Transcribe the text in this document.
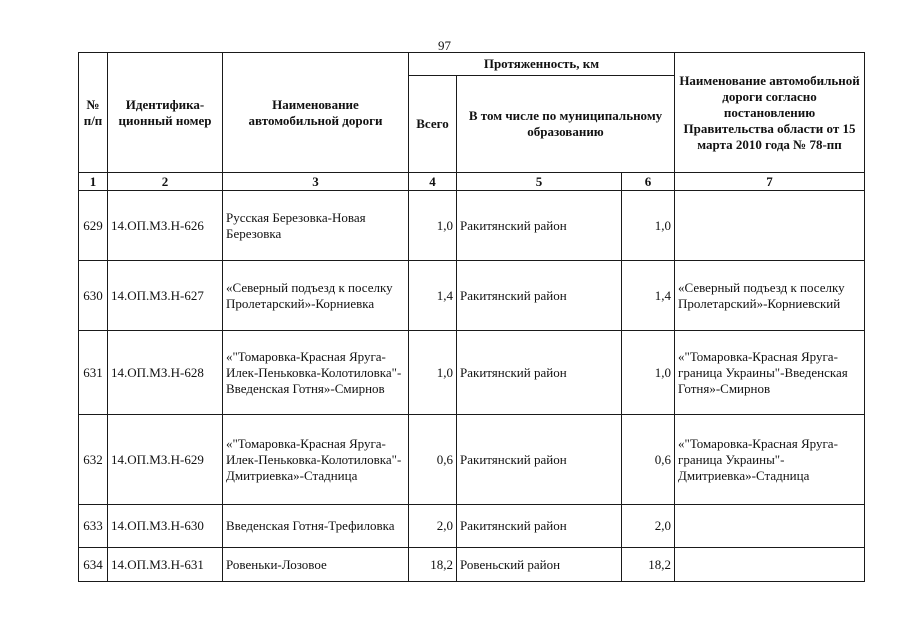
97
№ п/п	Идентифика-ционный номер	Наименование автомобильной дороги	Протяженность, км			Наименование автомобильной дороги согласно постановлению Правительства области от 15 марта 2010 года № 78-пп
			Всего	В том числе по муниципальному образованию		
1	2	3	4	5	6	7
629	14.ОП.МЗ.Н-626	Русская Березовка-Новая Березовка	1,0	Ракитянский район	1,0	
630	14.ОП.МЗ.Н-627	«Северный подъезд к поселку Пролетарский»-Корниевка	1,4	Ракитянский район	1,4	«Северный подъезд к поселку Пролетарский»-Корниевский
631	14.ОП.МЗ.Н-628	«"Томаровка-Красная Яруга-Илек-Пеньковка-Колотиловка"-Введенская Готня»-Смирнов	1,0	Ракитянский район	1,0	«"Томаровка-Красная Яруга-граница Украины"-Введенская Готня»-Смирнов
632	14.ОП.МЗ.Н-629	«"Томаровка-Красная Яруга-Илек-Пеньковка-Колотиловка"-Дмитриевка»-Стадница	0,6	Ракитянский район	0,6	«"Томаровка-Красная Яруга-граница Украины"-Дмитриевка»-Стадница
633	14.ОП.МЗ.Н-630	Введенская Готня-Трефиловка	2,0	Ракитянский район	2,0	
634	14.ОП.МЗ.Н-631	Ровеньки-Лозовое	18,2	Ровеньский район	18,2	
